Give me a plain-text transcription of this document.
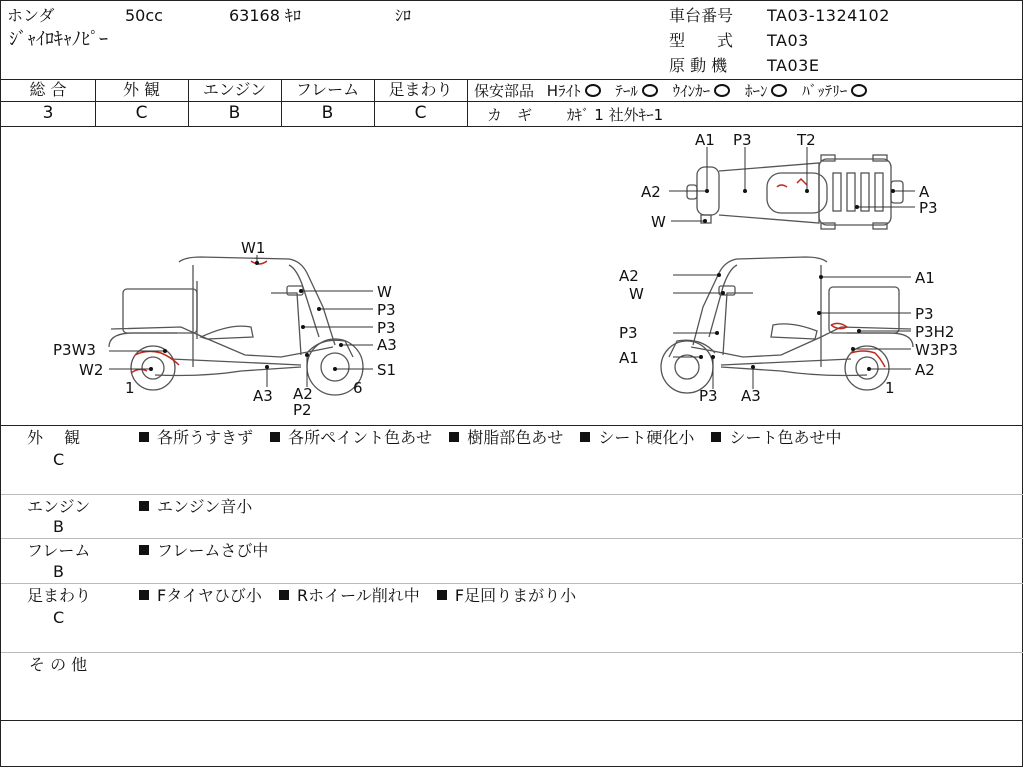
ホンダ	50cc	63168 ｷﾛ	ｼﾛ
ｼﾞｬｲﾛｷｬﾉﾋﾟｰ
車台番号 TA03-1324102
型　　式 TA03
原 動 機 TA03E
総 合	外 観	エンジン	フレーム	足まわり
3	C	B	B	C
保安部品 Hﾗｲﾄ ﾃｰﾙ ｳｲﾝｶｰ ﾎｰﾝ ﾊﾞｯﾃﾘｰ
カ　ギ ｶｷﾞ 1 社外ｷｰ1
W1
W
P3
P3
A3
S1
6
P2
A2
A3
1
W2
P3W3
A2
W
P3
A1
P3 A3
A1
P3
P3H2
W3P3
A2
1
A1 P3	T2
A2
W
A
P3
外　 観
C
各所うすきず 各所ペイント色あせ 樹脂部色あせ シート硬化小 シート色あせ中
エンジン
B
エンジン音小
フレーム
B
フレームさび中
足まわり
C
Fタイヤひび小 Rホイール削れ中 F足回りまがり小
そ の 他
